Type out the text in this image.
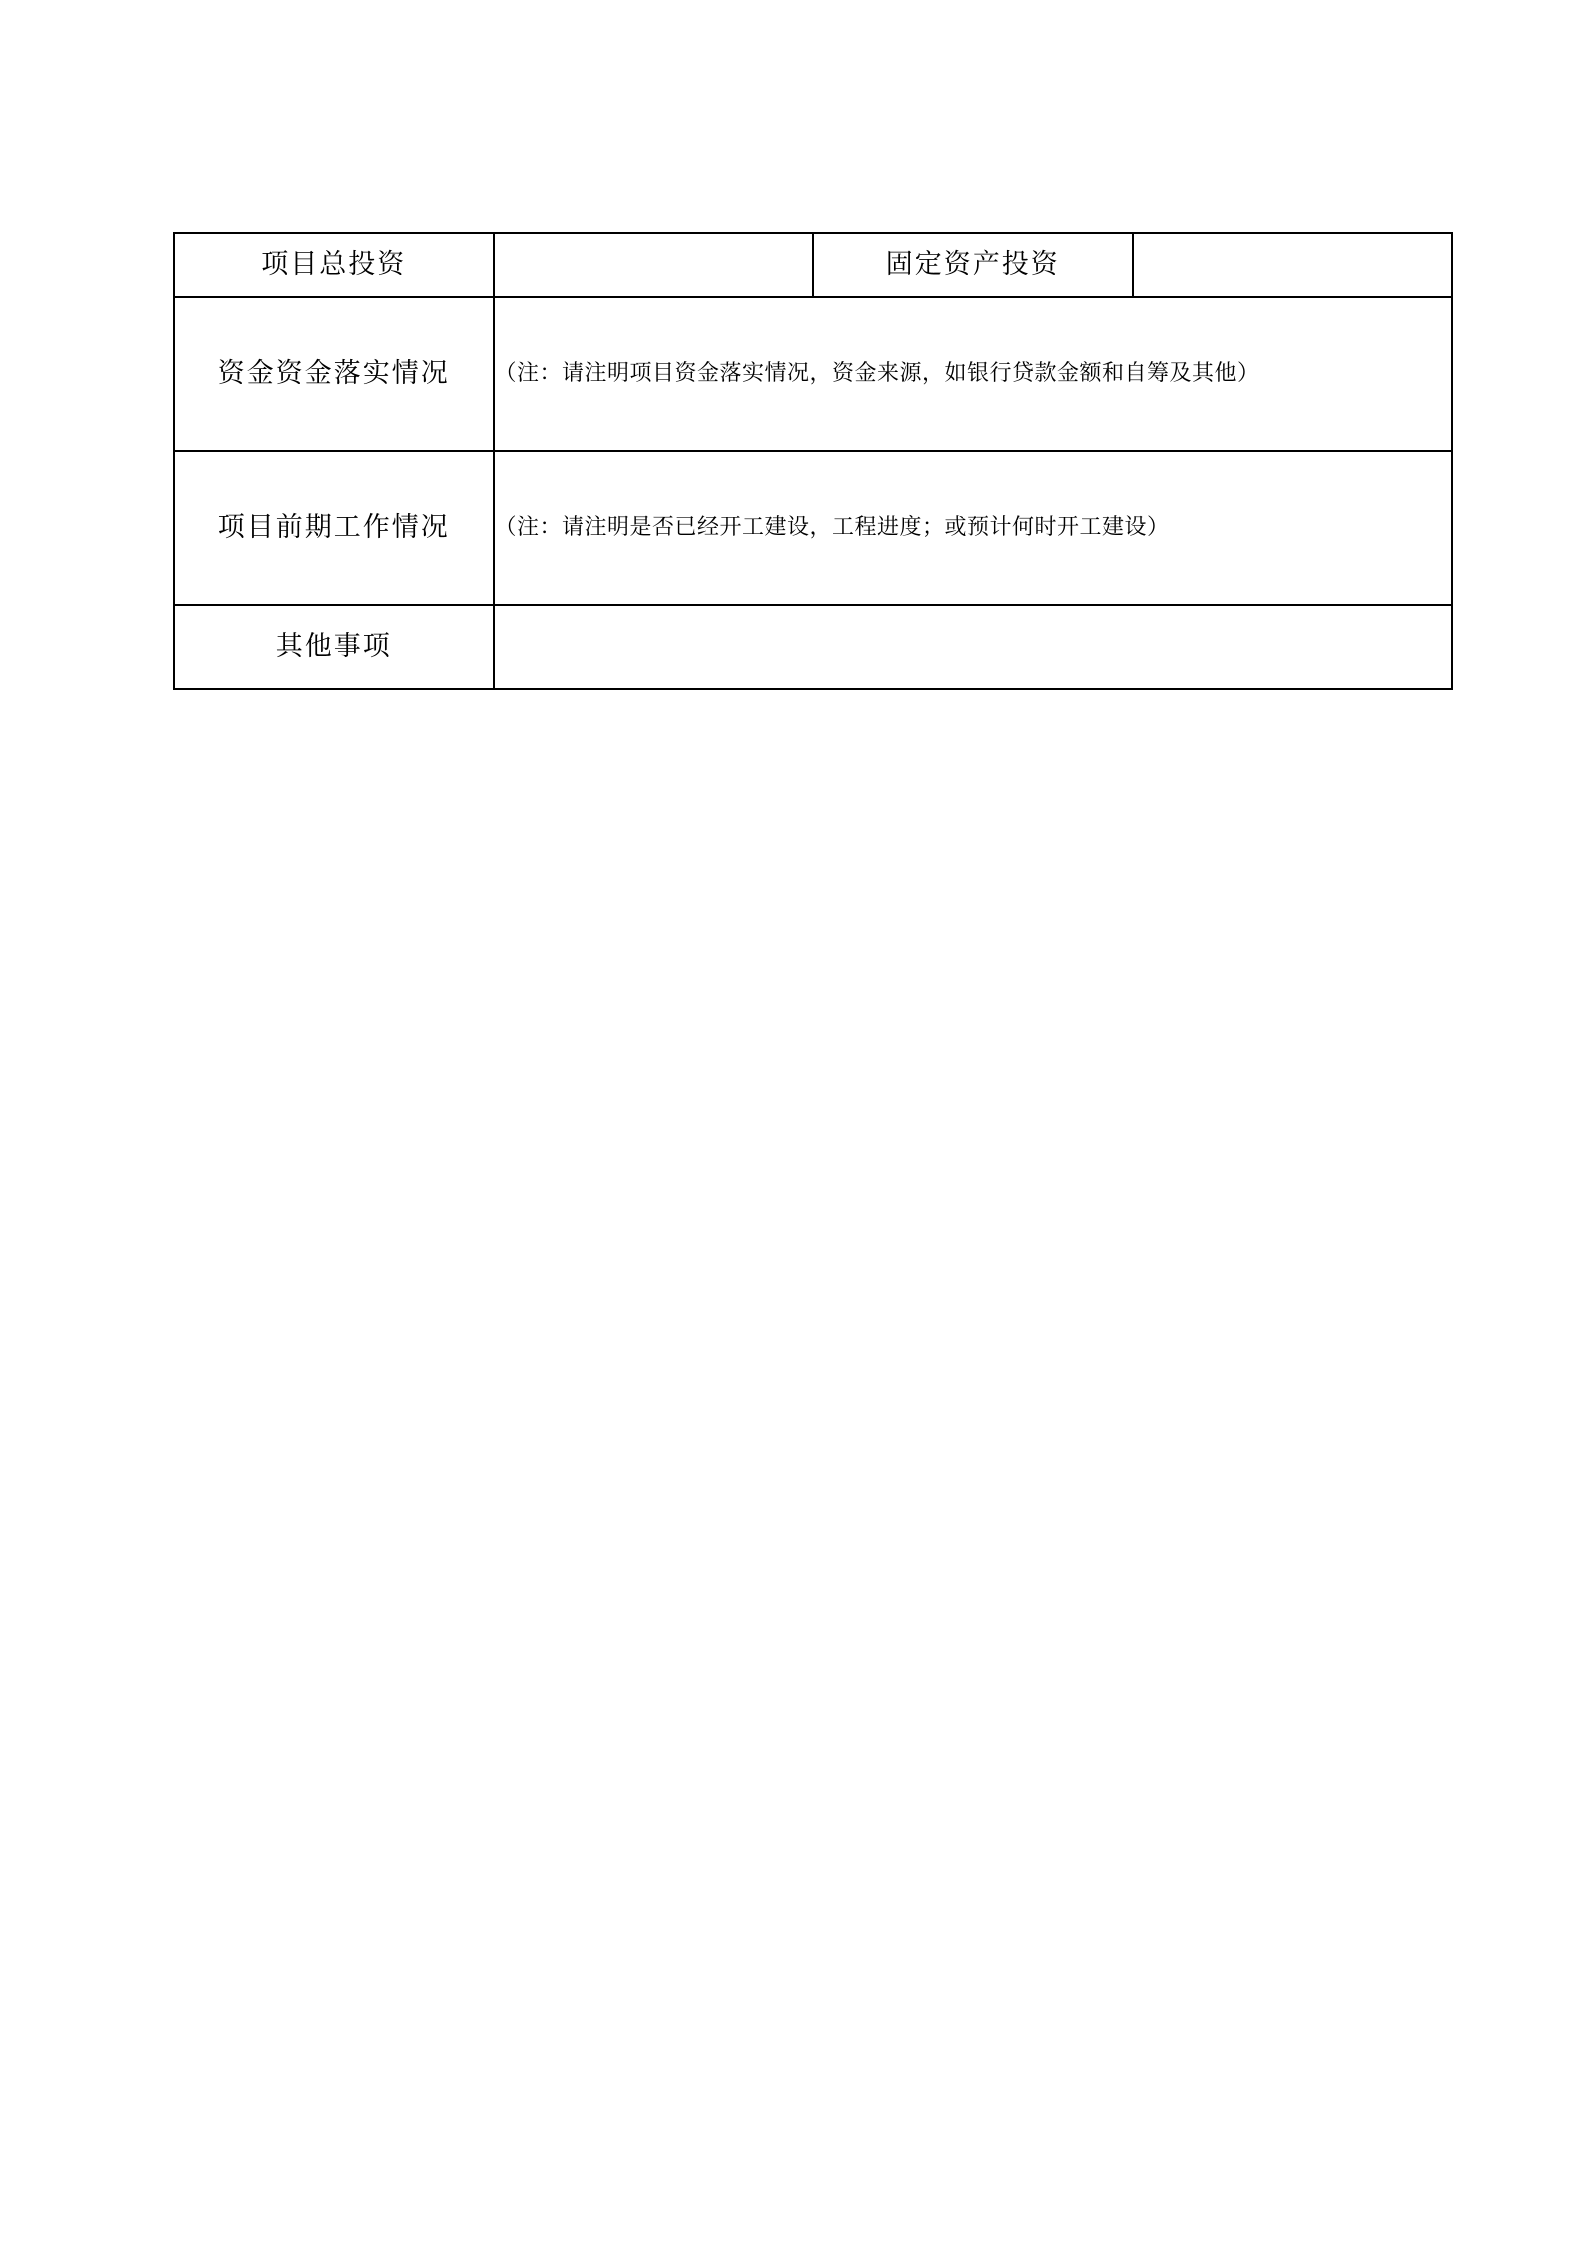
项目总投资		固定资产投资	

资金资金落实情况	（注：请注明项目资金落实情况，资金来源，如银行贷款金额和自筹及其他）		

项目前期工作情况	（注：请注明是否已经开工建设，工程进度；或预计何时开工建设）		

其他事项			
